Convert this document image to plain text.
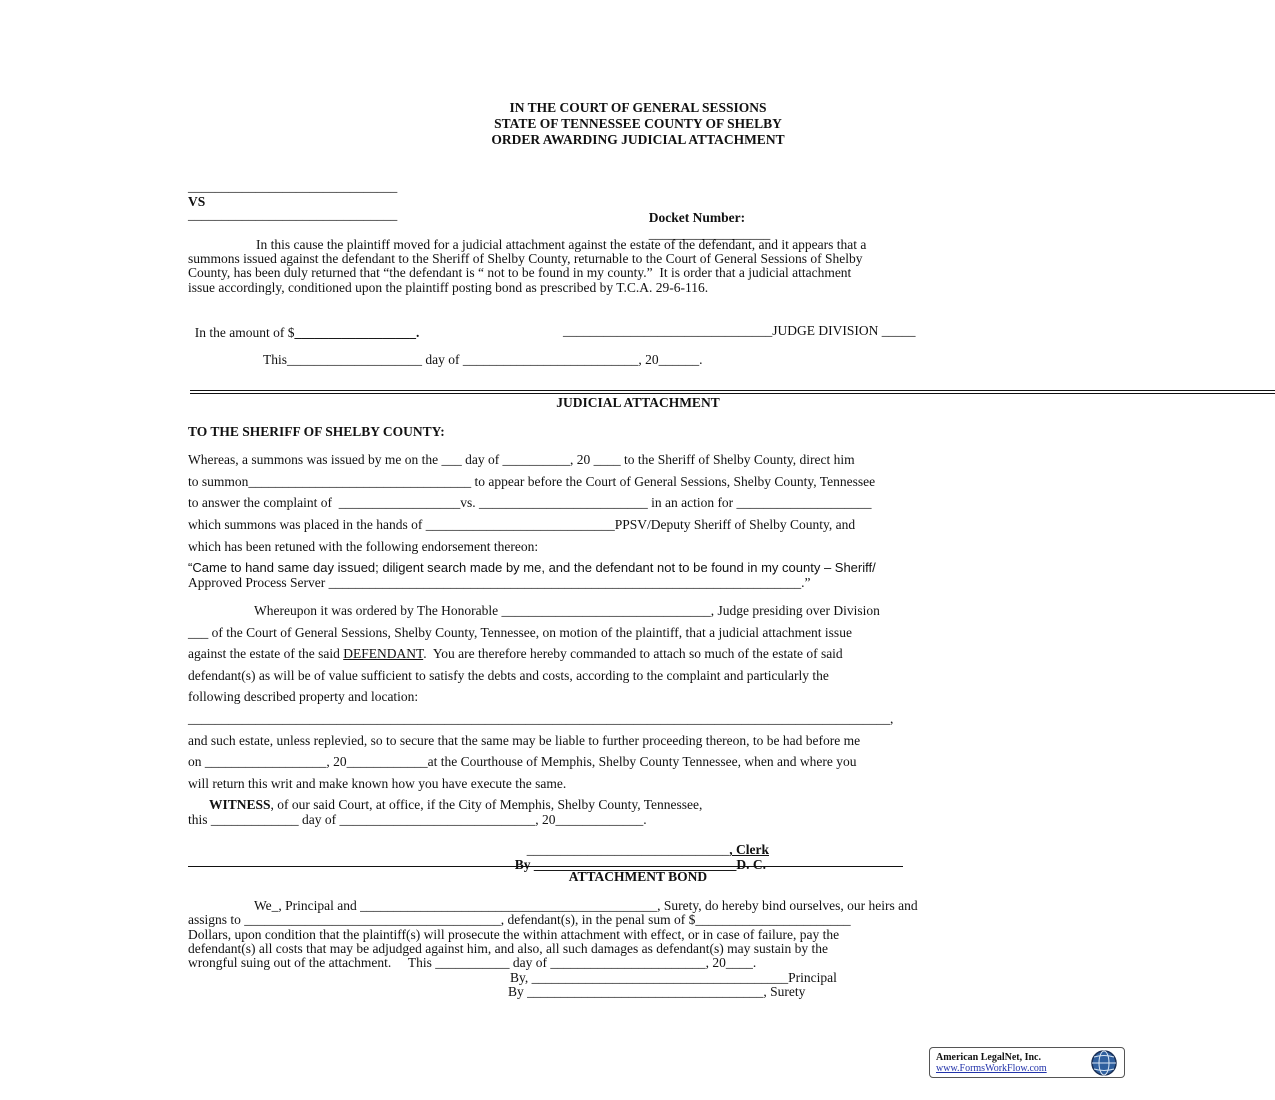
IN THE COURT OF GENERAL SESSIONS
STATE OF TENNESSEE COUNTY OF SHELBY
ORDER AWARDING JUDICIAL ATTACHMENT
_______________________________
VS
_______________________________	Docket Number:
__________________

In this cause the plaintiff moved for a judicial attachment against the estate of the defendant, and it appears that a
summons issued against the defendant to the Sheriff of Shelby County, returnable to the Court of General Sessions of Shelby
County, has been duly returned that “the defendant is “ not to be found in my county.”  It is order that a judicial attachment
issue accordingly, conditioned upon the plaintiff posting bond as prescribed by T.C.A. 29-6-116.

In the amount of $__________________.	_______________________________JUDGE DIVISION _____
This____________________ day of __________________________, 20______.
JUDICIAL ATTACHMENT
TO THE SHERIFF OF SHELBY COUNTY:
Whereas, a summons was issued by me on the ___ day of __________, 20 ____ to the Sheriff of Shelby County, direct him
to summon_________________________________ to appear before the Court of General Sessions, Shelby County, Tennessee
to answer the complaint of  __________________vs. _________________________ in an action for ____________________
which summons was placed in the hands of ____________________________PPSV/Deputy Sheriff of Shelby County, and
which has been retuned with the following endorsement thereon:
“Came to hand same day issued; diligent search made by me, and the defendant not to be found in my county – Sheriff/
Approved Process Server ______________________________________________________________________.”
Whereupon it was ordered by The Honorable _______________________________, Judge presiding over Division
___ of the Court of General Sessions, Shelby County, Tennessee, on motion of the plaintiff, that a judicial attachment issue
against the estate of the said DEFENDANT.  You are therefore hereby commanded to attach so much of the estate of said
defendant(s) as will be of value sufficient to satisfy the debts and costs, according to the complaint and particularly the
following described property and location:
________________________________________________________________________________________________________,
and such estate, unless replevied, so to secure that the same may be liable to further proceeding thereon, to be had before me
on __________________, 20____________at the Courthouse of Memphis, Shelby County Tennessee, when and where you
will return this writ and make known how you have execute the same.
WITNESS, of our said Court, at office, if the City of Memphis, Shelby County, Tennessee,
this _____________ day of _____________________________, 20_____________.

______________________________, Clerk

By ______________________________D. C.

ATTACHMENT BOND
We_, Principal and ____________________________________________, Surety, do hereby bind ourselves, our heirs and
assigns to ______________________________________, defendant(s), in the penal sum of $_______________________
Dollars, upon condition that the plaintiff(s) will prosecute the within attachment with effect, or in case of failure, pay the
defendant(s) all costs that may be adjudged against him, and also, all such damages as defendant(s) may sustain by the
wrongful suing out of the attachment.     This ___________ day of _______________________, 20____.
By, ______________________________________Principal
By ___________________________________, Surety
American LegalNet, Inc.
www.FormsWorkFlow.com
